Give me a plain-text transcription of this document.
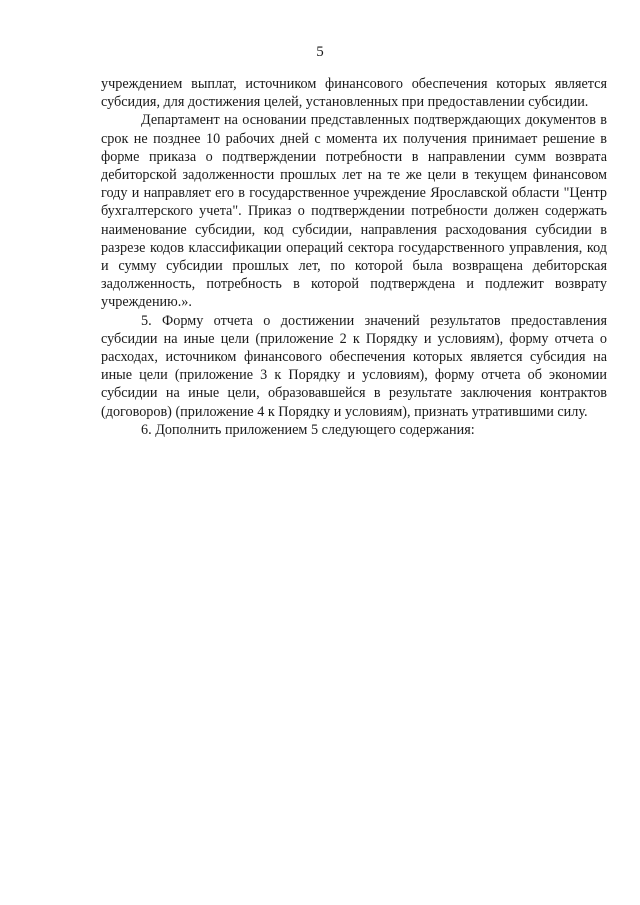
5

учреждением выплат, источником финансового обеспечения которых является субсидия, для достижения целей, установленных при предоставлении субсидии.

Департамент на основании представленных подтверждающих документов в срок не позднее 10 рабочих дней с момента их получения принимает решение в форме приказа о подтверждении потребности в направлении сумм возврата дебиторской задолженности прошлых лет на те же цели в текущем финансовом году и направляет его в государственное учреждение Ярославской области "Центр бухгалтерского учета". Приказ о подтверждении потребности должен содержать наименование субсидии, код субсидии, направления расходования субсидии в разрезе кодов классификации операций сектора государственного управления, код и сумму субсидии прошлых лет, по которой была возвращена дебиторская задолженность, потребность в которой подтверждена и подлежит возврату учреждению.».

5. Форму отчета о достижении значений результатов предоставления субсидии на иные цели (приложение 2 к Порядку и условиям), форму отчета о расходах, источником финансового обеспечения которых является субсидия на иные цели (приложение 3 к Порядку и условиям), форму отчета об экономии субсидии на иные цели, образовавшейся в результате заключения контрактов (договоров) (приложение 4 к Порядку и условиям), признать утратившими силу.

6. Дополнить приложением 5 следующего содержания:
